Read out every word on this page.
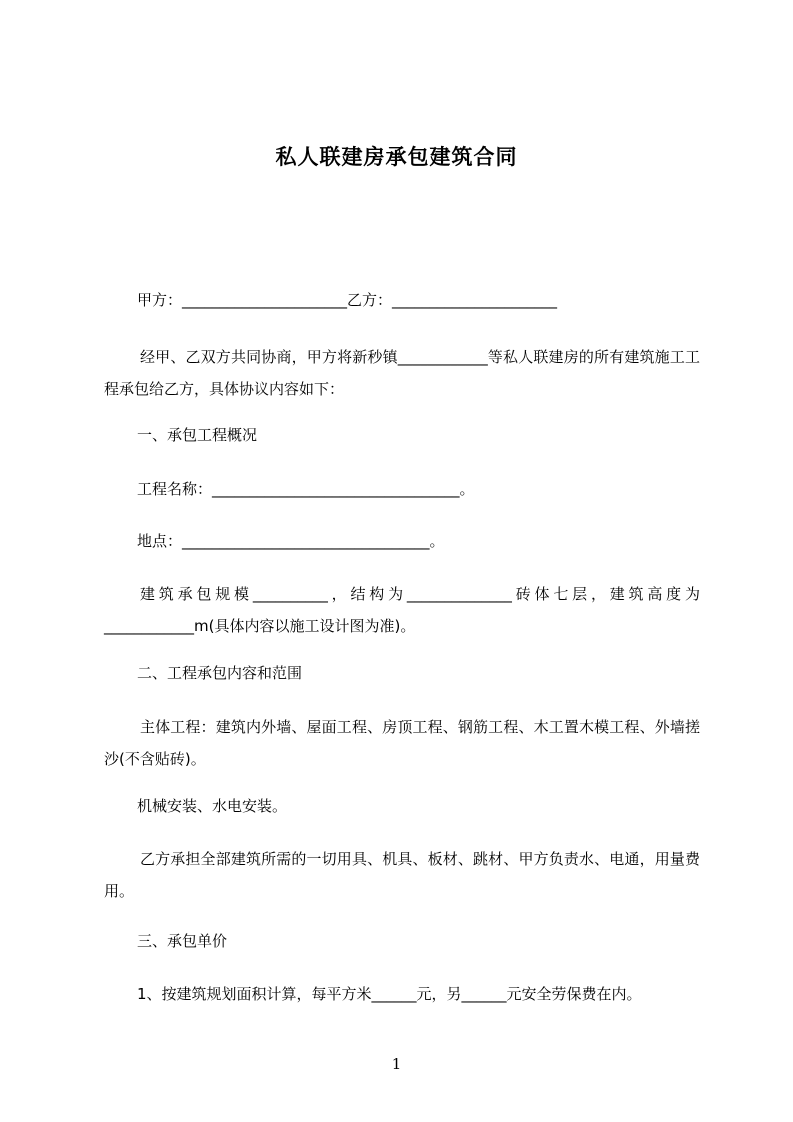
私人联建房承包建筑合同
甲方：______________________乙方：______________________
经甲、乙双方共同协商，甲方将新秒镇____________等私人联建房的所有建筑施工工程承包给乙方，具体协议内容如下：
一、承包工程概况
工程名称：_________________________________。
地点：_________________________________。
建筑承包规模__________，结构为______________砖体七层，建筑高度为____________m(具体内容以施工设计图为准)。
二、工程承包内容和范围
主体工程：建筑内外墙、屋面工程、房顶工程、钢筋工程、木工置木模工程、外墙搓沙(不含贴砖)。
机械安装、水电安装。
乙方承担全部建筑所需的一切用具、机具、板材、跳材、甲方负责水、电通，用量费用。
三、承包单价
1、按建筑规划面积计算，每平方米______元，另______元安全劳保费在内。
1
